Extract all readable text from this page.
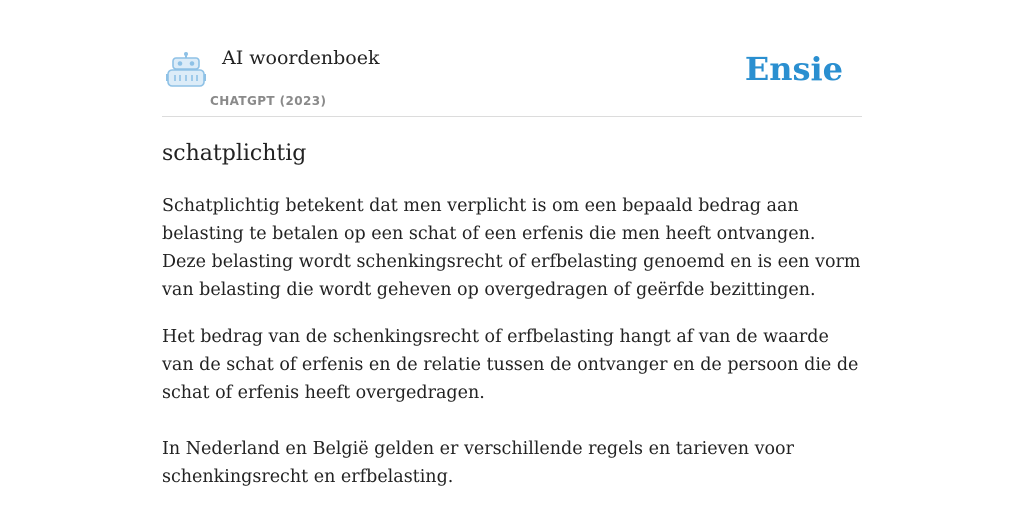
AI woordenboek
CHATGPT (2023)
Ensie
schatplichtig

Schatplichtig betekent dat men verplicht is om een bepaald bedrag aan belasting te betalen op een schat of een erfenis die men heeft ontvangen. Deze belasting wordt schenkingsrecht of erfbelasting genoemd en is een vorm van belasting die wordt geheven op overgedragen of geërfde bezittingen.

Het bedrag van de schenkingsrecht of erfbelasting hangt af van de waarde van de schat of erfenis en de relatie tussen de ontvanger en de persoon die de schat of erfenis heeft overgedragen.

In Nederland en België gelden er verschillende regels en tarieven voor schenkingsrecht en erfbelasting.
